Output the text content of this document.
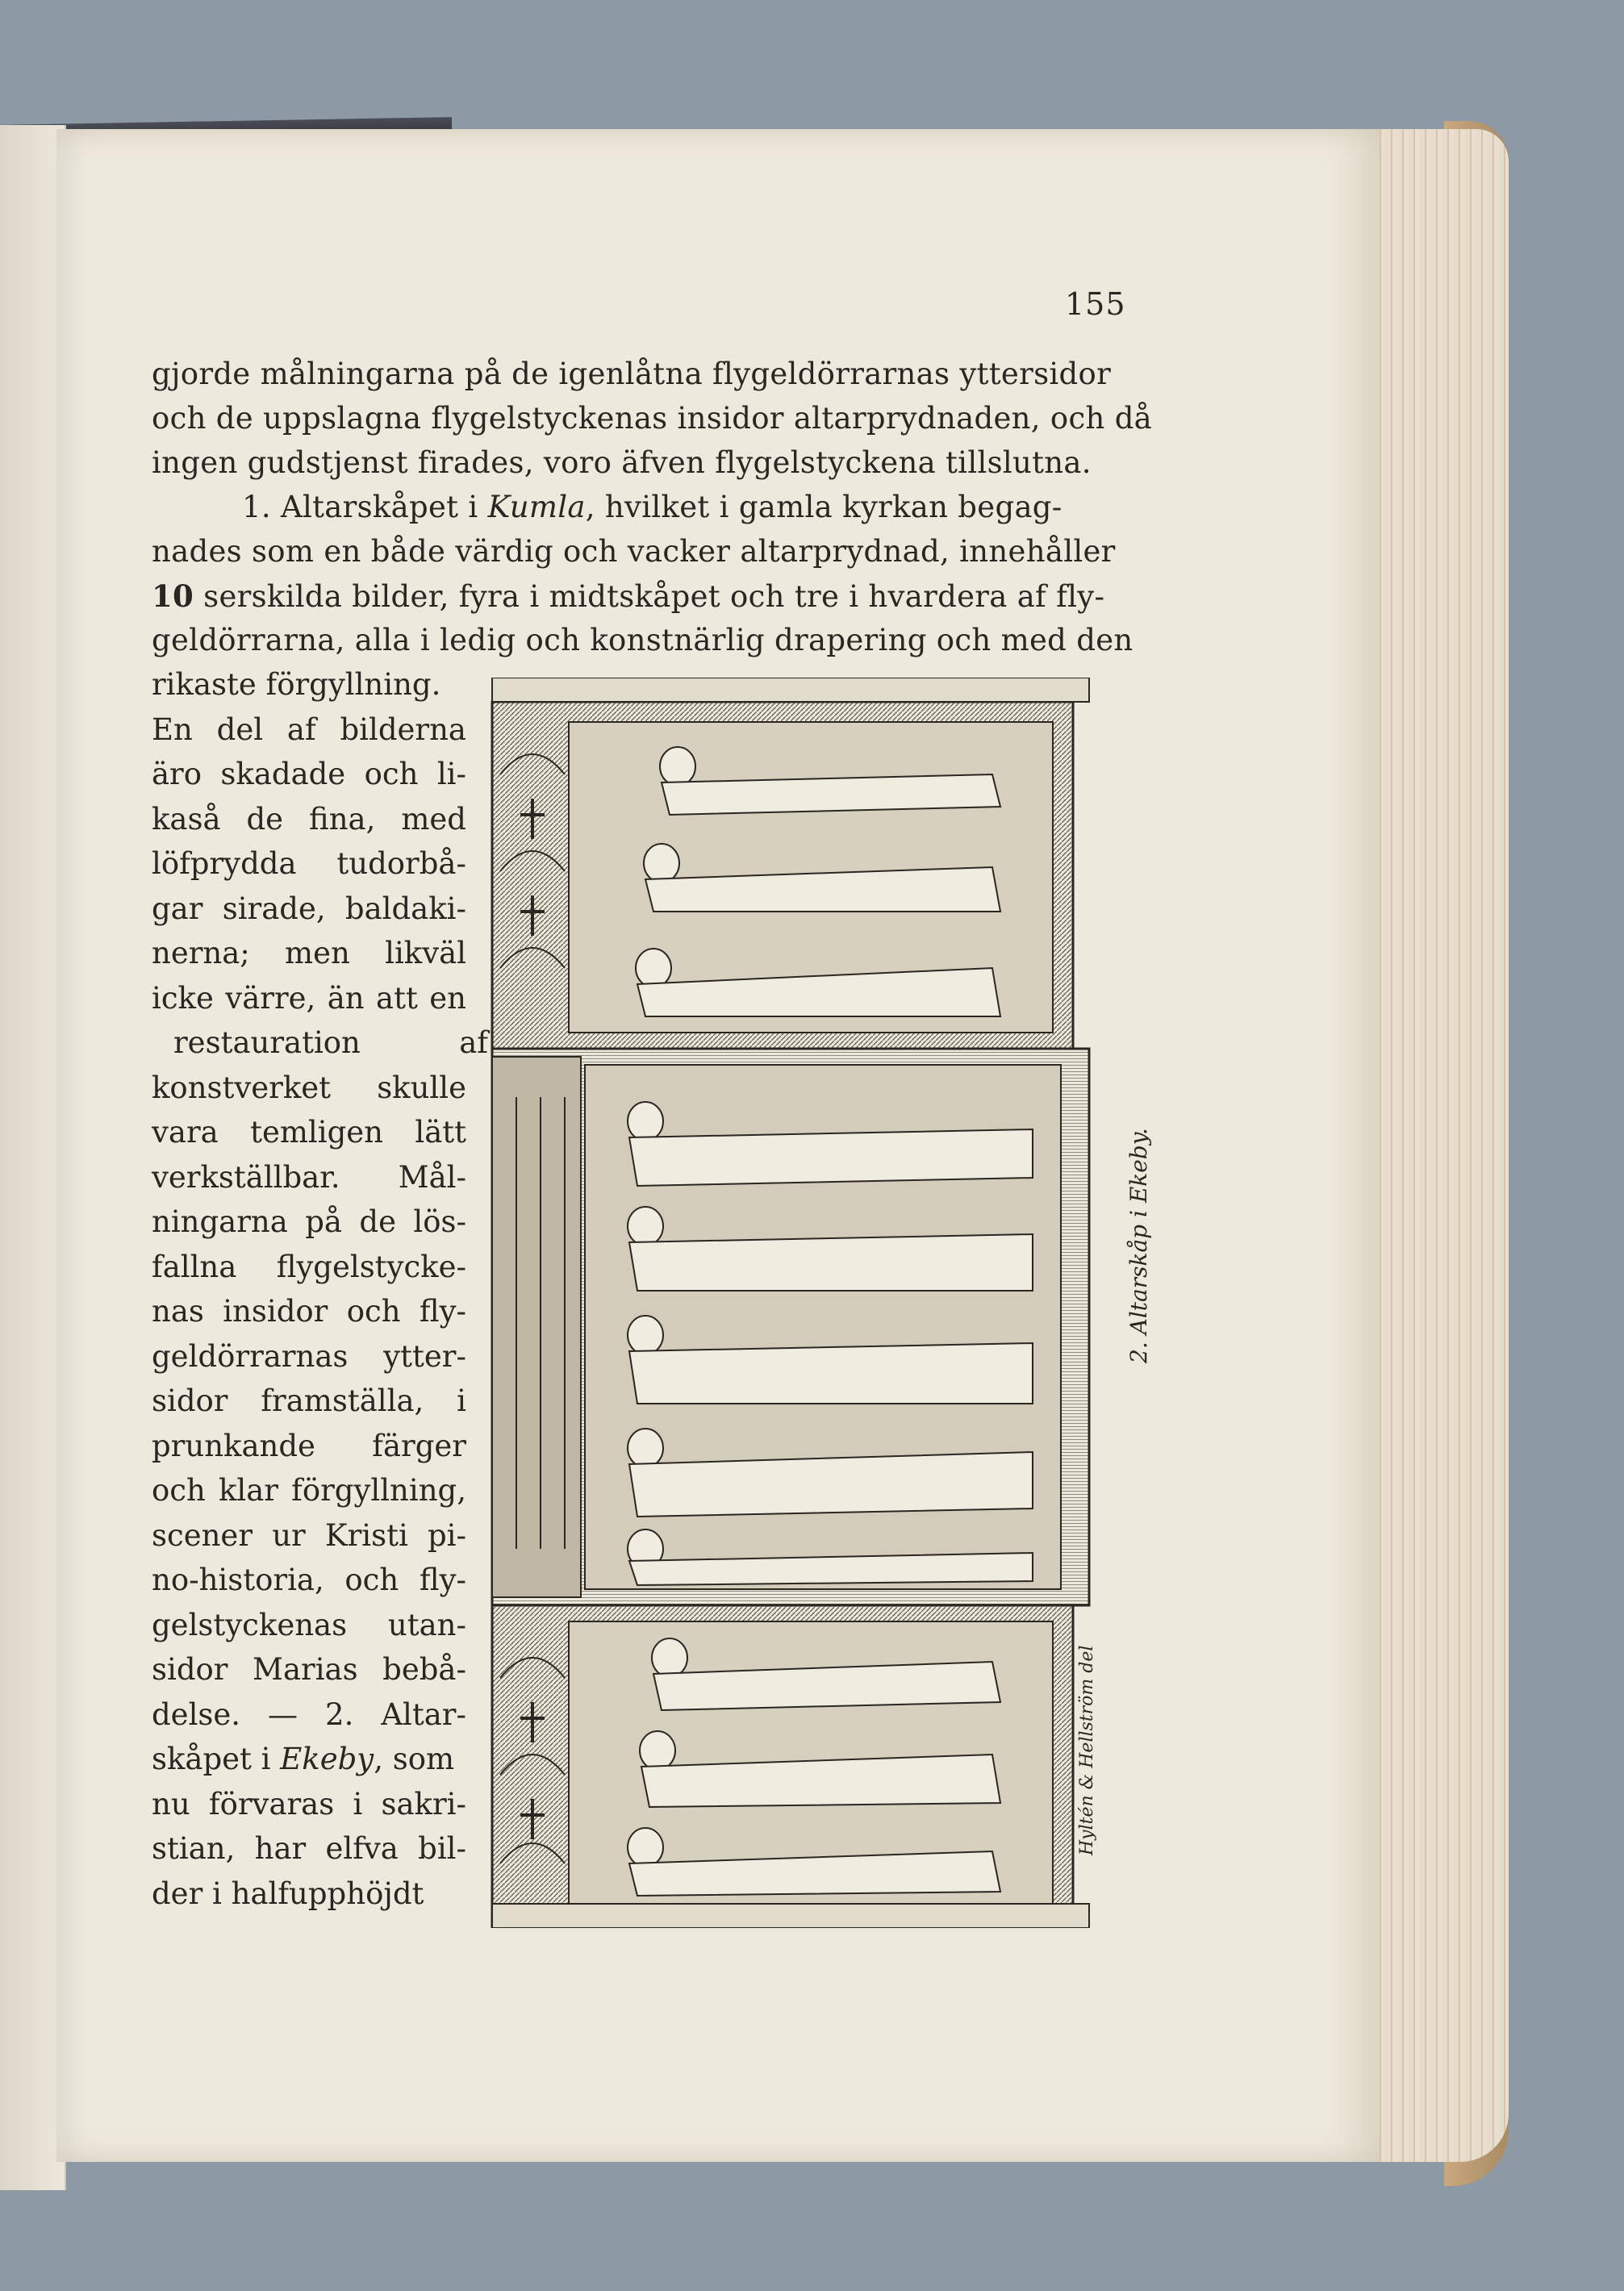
155
gjorde målningarna på de igenlåtna flygeldörrarnas yttersidor
och de uppslagna flygelstyckenas insidor altarprydnaden, och då
ingen gudstjenst firades, voro äfven flygelstyckena tillslutna.
1. Altarskåpet i Kumla, hvilket i gamla kyrkan begag-
nades som en både värdig och vacker altarprydnad, innehåller
10 serskilda bilder, fyra i midtskåpet och tre i hvardera af fly-
geldörrarna, alla i ledig och konstnärlig drapering och med den
rikaste förgyllning.
En del af bilderna
äro skadade och li-
kaså de fina, med
löfprydda tudorbå-
gar sirade, baldaki-
nerna; men likväl
icke värre, än att en
restauration af
konstverket skulle
vara temligen lätt
verkställbar. Mål-
ningarna på de lös-
fallna flygelstycke-
nas insidor och fly-
geldörrarnas ytter-
sidor framställa, i
prunkande färger
och klar förgyllning,
scener ur Kristi pi-
no-historia, och fly-
gelstyckenas utan-
sidor Marias bebå-
delse. — 2. Altar-
skåpet i Ekeby, som
nu förvaras i sakri-
stian, har elfva bil-
der i halfupphöjdt
2. Altarskåp i Ekeby.
Hyltén & Hellström del
